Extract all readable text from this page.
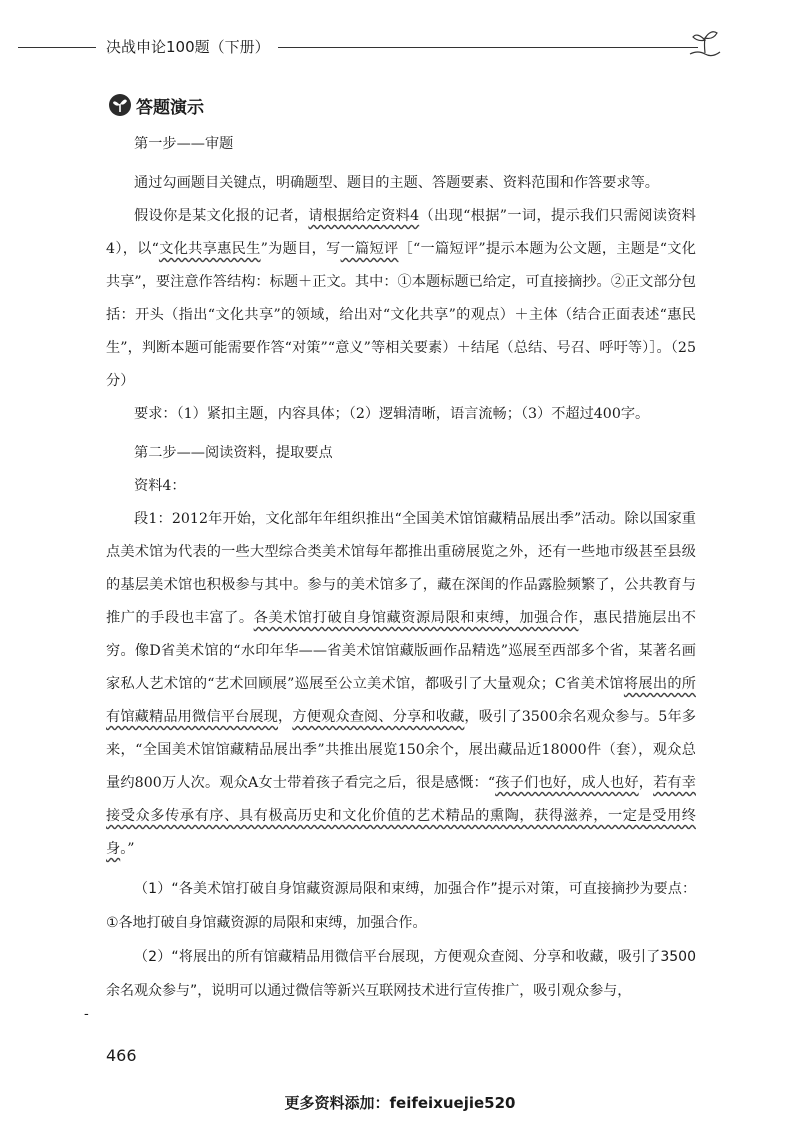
决战申论100题（下册）
答题演示

第一步——审题

通过勾画题目关键点，明确题型、题目的主题、答题要素、资料范围和作答要求等。

假设你是某文化报的记者，请根据给定资料4（出现“根据”一词，提示我们只需阅读资料4），以“文化共享惠民生”为题目，写一篇短评［“一篇短评”提示本题为公文题，主题是“文化共享”，要注意作答结构：标题＋正文。其中：①本题标题已给定，可直接摘抄。②正文部分包括：开头（指出“文化共享”的领域，给出对“文化共享”的观点）＋主体（结合正面表述“惠民生”，判断本题可能需要作答“对策”“意义”等相关要素）＋结尾（总结、号召、呼吁等）］。（25分）

要求：（1）紧扣主题，内容具体；（2）逻辑清晰，语言流畅；（3）不超过400字。

第二步——阅读资料，提取要点

资料4：

段1：2012年开始，文化部年年组织推出“全国美术馆馆藏精品展出季”活动。除以国家重点美术馆为代表的一些大型综合类美术馆每年都推出重磅展览之外，还有一些地市级甚至县级的基层美术馆也积极参与其中。参与的美术馆多了，藏在深闺的作品露脸频繁了，公共教育与推广的手段也丰富了。各美术馆打破自身馆藏资源局限和束缚，加强合作，惠民措施层出不穷。像D省美术馆的“水印年华——省美术馆馆藏版画作品精选”巡展至西部多个省，某著名画家私人艺术馆的“艺术回顾展”巡展至公立美术馆，都吸引了大量观众；C省美术馆将展出的所有馆藏精品用微信平台展现，方便观众查阅、分享和收藏，吸引了3500余名观众参与。5年多来，“全国美术馆馆藏精品展出季”共推出展览150余个，展出藏品近18000件（套），观众总量约800万人次。观众A女士带着孩子看完之后，很是感慨：“孩子们也好，成人也好，若有幸接受众多传承有序、具有极高历史和文化价值的艺术精品的熏陶，获得滋养，一定是受用终身。”

（1）“各美术馆打破自身馆藏资源局限和束缚，加强合作”提示对策，可直接摘抄为要点：①各地打破自身馆藏资源的局限和束缚，加强合作。

（2）“将展出的所有馆藏精品用微信平台展现，方便观众查阅、分享和收藏，吸引了3500余名观众参与”，说明可以通过微信等新兴互联网技术进行宣传推广，吸引观众参与，

-
466
更多资料添加：feifeixuejie520
